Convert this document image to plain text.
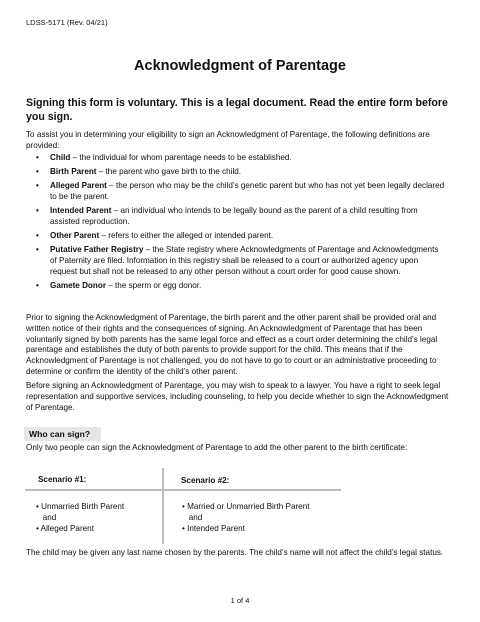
LDSS-5171 (Rev. 04/21)
Acknowledgment of Parentage
Signing this form is voluntary. This is a legal document. Read the entire form before you sign.
To assist you in determining your eligibility to sign an Acknowledgment of Parentage, the following definitions are provided:
• Child – the individual for whom parentage needs to be established.
• Birth Parent – the parent who gave birth to the child.
• Alleged Parent – the person who may be the child’s genetic parent but who has not yet been legally declared to be the parent.
• Intended Parent – an individual who intends to be legally bound as the parent of a child resulting from assisted reproduction.
• Other Parent – refers to either the alleged or intended parent.
• Putative Father Registry – the State registry where Acknowledgments of Parentage and Acknowledgments of Paternity are filed. Information in this registry shall be released to a court or authorized agency upon request but shall not be released to any other person without a court order for good cause shown.
• Gamete Donor – the sperm or egg donor.
Prior to signing the Acknowledgment of Parentage, the birth parent and the other parent shall be provided oral and written notice of their rights and the consequences of signing. An Acknowledgment of Parentage that has been voluntarily signed by both parents has the same legal force and effect as a court order determining the child’s legal parentage and establishes the duty of both parents to provide support for the child. This means that if the Acknowledgment of Parentage is not challenged, you do not have to go to court or an administrative proceeding to determine or confirm the identity of the child’s other parent.
Before signing an Acknowledgment of Parentage, you may wish to speak to a lawyer. You have a right to seek legal representation and supportive services, including counseling, to help you decide whether to sign the Acknowledgment of Parentage.
Who can sign?
Only two people can sign the Acknowledgment of Parentage to add the other parent to the birth certificate:
Scenario #1:	Scenario #2:
• Unmarried Birth Parent
and
• Alleged Parent
• Married or Unmarried Birth Parent
and
• Intended Parent
The child may be given any last name chosen by the parents. The child’s name will not affect the child’s legal status.
1 of 4
